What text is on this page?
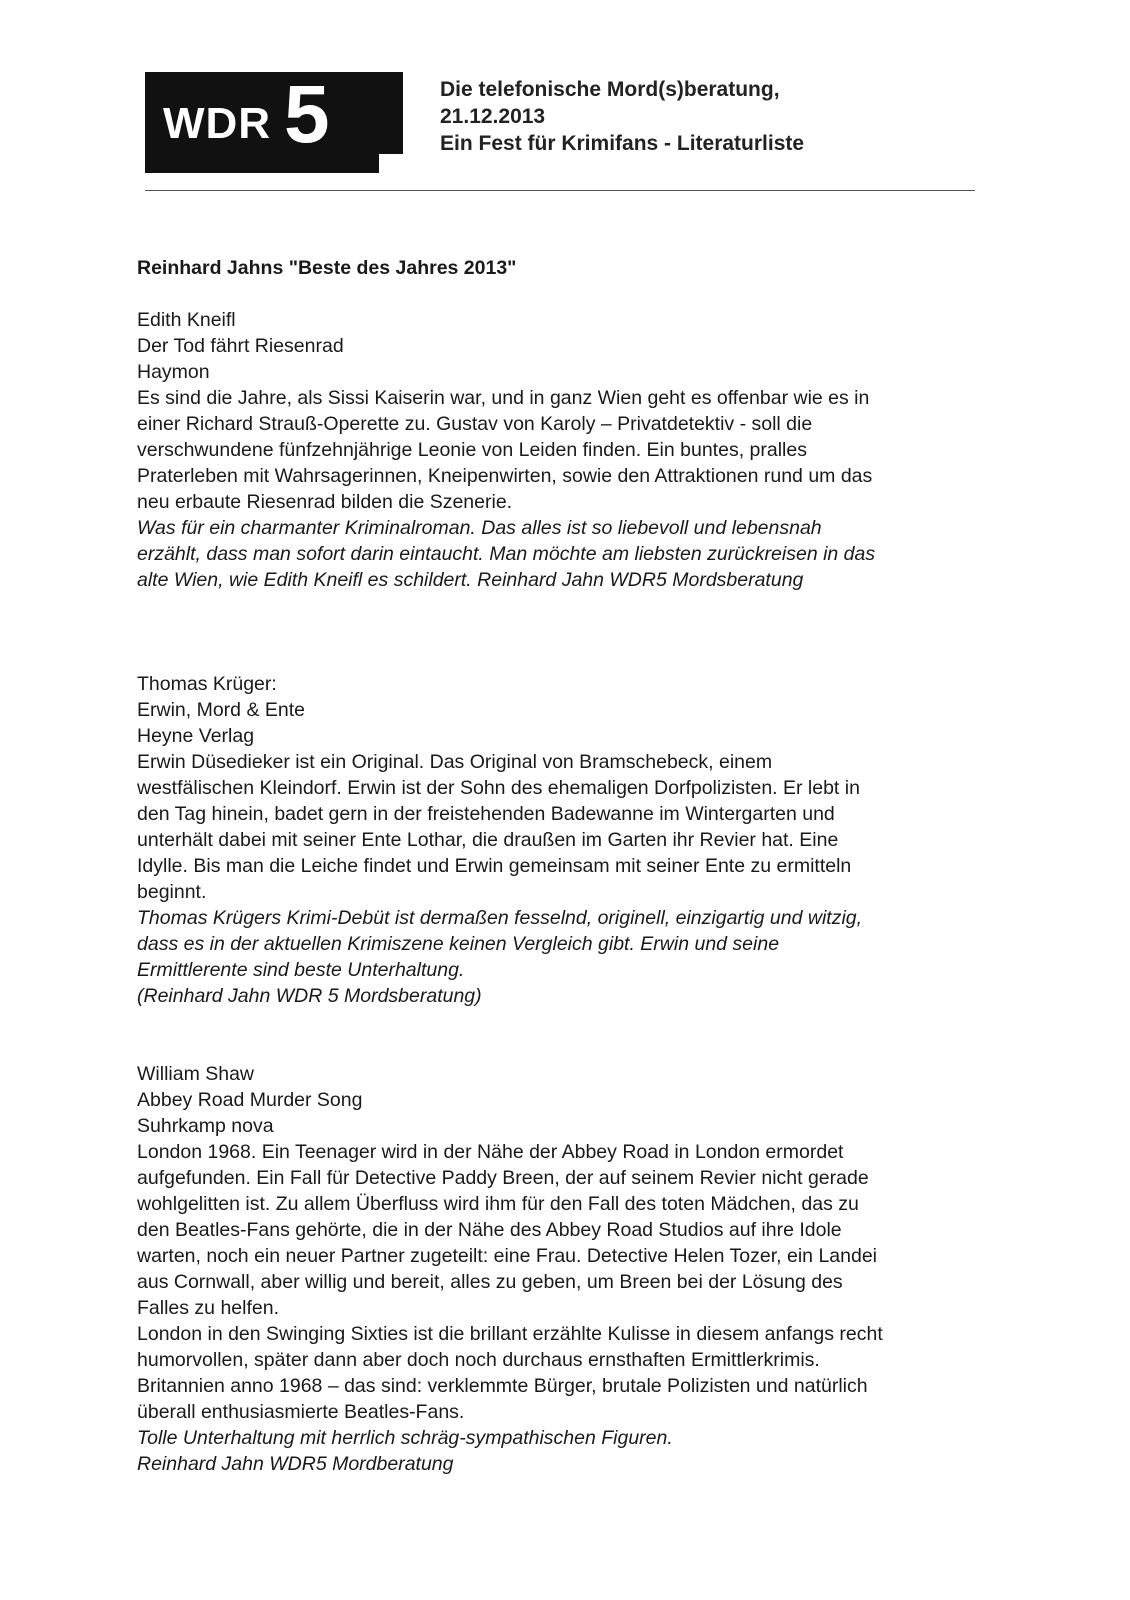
WDR 5	Die telefonische Mord(s)beratung,
21.12.2013
Ein Fest für Krimifans - Literaturliste

Reinhard Jahns "Beste des Jahres 2013"

Edith Kneifl

Der Tod fährt Riesenrad

Haymon

Es sind die Jahre, als Sissi Kaiserin war, und in ganz Wien geht es offenbar wie es in

einer Richard Strauß-Operette zu. Gustav von Karoly – Privatdetektiv - soll die

verschwundene fünfzehnjährige Leonie von Leiden finden. Ein buntes, pralles

Praterleben mit Wahrsagerinnen, Kneipenwirten, sowie den Attraktionen rund um das

neu erbaute Riesenrad bilden die Szenerie.

Was für ein charmanter Kriminalroman. Das alles ist so liebevoll und lebensnah

erzählt, dass man sofort darin eintaucht. Man möchte am liebsten zurückreisen in das

alte Wien, wie Edith Kneifl es schildert. Reinhard Jahn WDR5 Mordsberatung

Thomas Krüger:

Erwin, Mord & Ente

Heyne Verlag

Erwin Düsedieker ist ein Original. Das Original von Bramschebeck, einem

westfälischen Kleindorf. Erwin ist der Sohn des ehemaligen Dorfpolizisten. Er lebt in

den Tag hinein, badet gern in der freistehenden Badewanne im Wintergarten und

unterhält dabei mit seiner Ente Lothar, die draußen im Garten ihr Revier hat. Eine

Idylle. Bis man die Leiche findet und Erwin gemeinsam mit seiner Ente zu ermitteln

beginnt.

Thomas Krügers Krimi-Debüt ist dermaßen fesselnd, originell, einzigartig und witzig,

dass es in der aktuellen Krimiszene keinen Vergleich gibt. Erwin und seine

Ermittlerente sind beste Unterhaltung.

(Reinhard Jahn WDR 5 Mordsberatung)

William Shaw

Abbey Road Murder Song

Suhrkamp nova

London 1968. Ein Teenager wird in der Nähe der Abbey Road in London ermordet

aufgefunden. Ein Fall für Detective Paddy Breen, der auf seinem Revier nicht gerade

wohlgelitten ist. Zu allem Überfluss wird ihm für den Fall des toten Mädchen, das zu

den Beatles-Fans gehörte, die in der Nähe des Abbey Road Studios auf ihre Idole

warten, noch ein neuer Partner zugeteilt: eine Frau. Detective Helen Tozer, ein Landei

aus Cornwall, aber willig und bereit, alles zu geben, um Breen bei der Lösung des

Falles zu helfen.

London in den Swinging Sixties ist die brillant erzählte Kulisse in diesem anfangs recht

humorvollen, später dann aber doch noch durchaus ernsthaften Ermittlerkrimis.

Britannien anno 1968 – das sind: verklemmte Bürger, brutale Polizisten und natürlich

überall enthusiasmierte Beatles-Fans.

Tolle Unterhaltung mit herrlich schräg-sympathischen Figuren.

Reinhard Jahn WDR5 Mordberatung
